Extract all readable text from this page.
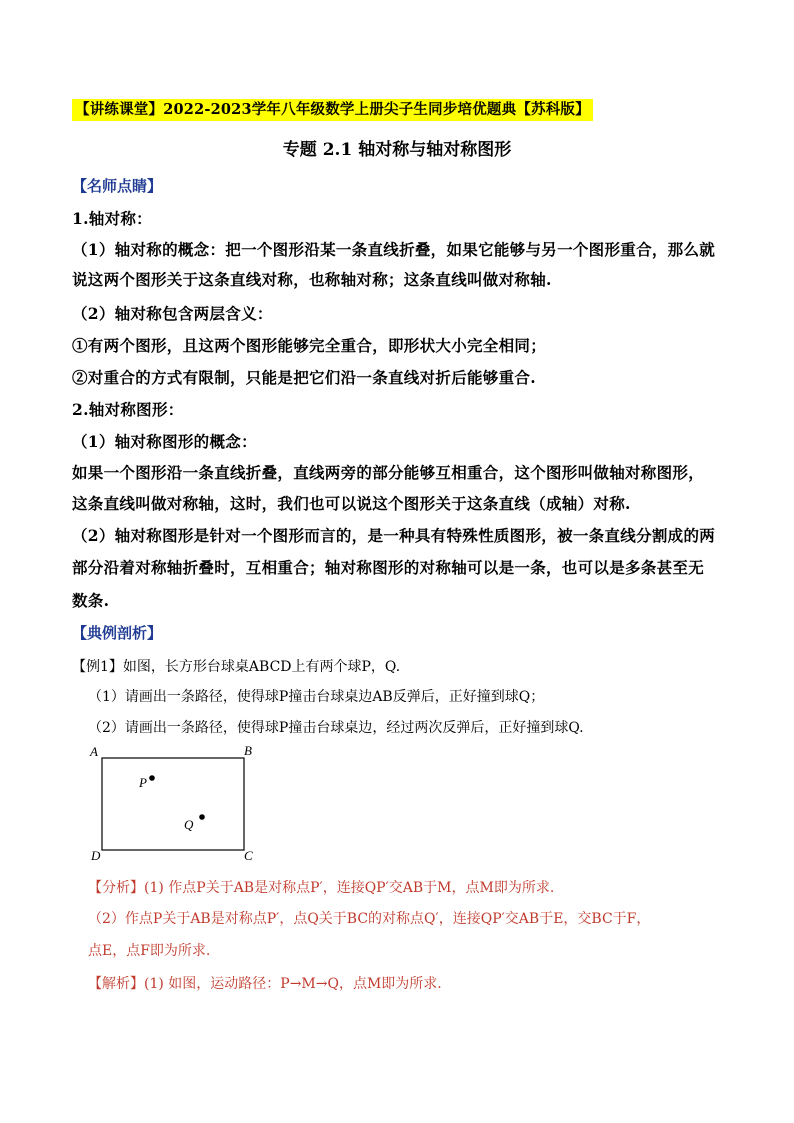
【讲练课堂】2022-2023学年八年级数学上册尖子生同步培优题典【苏科版】
专题 2.1 轴对称与轴对称图形
【名师点睛】
1.轴对称：
（1）轴对称的概念：把一个图形沿某一条直线折叠，如果它能够与另一个图形重合，那么就
说这两个图形关于这条直线对称，也称轴对称；这条直线叫做对称轴.
（2）轴对称包含两层含义：
①有两个图形，且这两个图形能够完全重合，即形状大小完全相同；
②对重合的方式有限制，只能是把它们沿一条直线对折后能够重合.
2.轴对称图形：
（1）轴对称图形的概念：
如果一个图形沿一条直线折叠，直线两旁的部分能够互相重合，这个图形叫做轴对称图形，
这条直线叫做对称轴，这时，我们也可以说这个图形关于这条直线（成轴）对称.
（2）轴对称图形是针对一个图形而言的，是一种具有特殊性质图形，被一条直线分割成的两
部分沿着对称轴折叠时，互相重合；轴对称图形的对称轴可以是一条，也可以是多条甚至无
数条.
【典例剖析】
【例1】如图，长方形台球桌ABCD上有两个球P，Q.
（1）请画出一条路径，使得球P撞击台球桌边AB反弹后，正好撞到球Q；
（2）请画出一条路径，使得球P撞击台球桌边，经过两次反弹后，正好撞到球Q.
A	B
C
D
P
Q
【分析】(1) 作点P关于AB是对称点P′，连接QP′交AB于M，点M即为所求.
（2）作点P关于AB是对称点P′，点Q关于BC的对称点Q′，连接QP′交AB于E，交BC于F，
点E，点F即为所求.
【解析】(1) 如图，运动路径：P→M→Q，点M即为所求.
